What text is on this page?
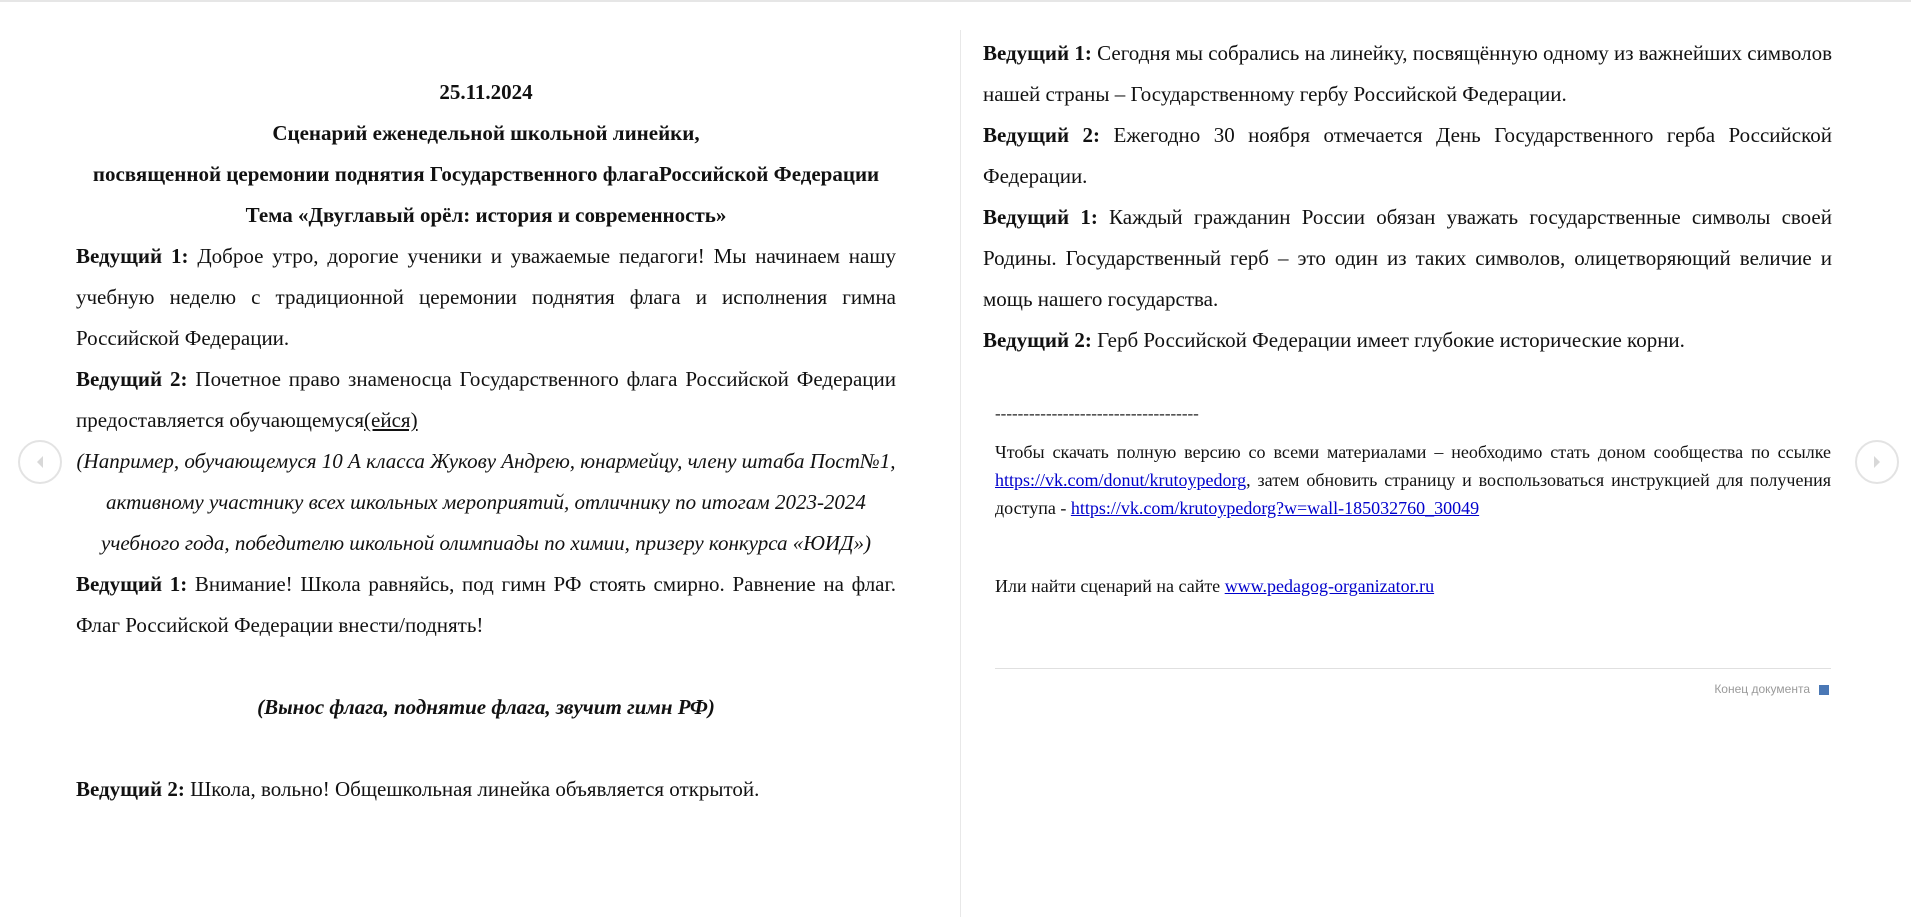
25.11.2024

Сценарий еженедельной школьной линейки,

посвященной церемонии поднятия Государственного флагаРоссийской Федерации

Тема «Двуглавый орёл: история и современность»

Ведущий 1: Доброе утро, дорогие ученики и уважаемые педагоги! Мы начинаем нашу учебную неделю с традиционной церемонии поднятия флага и исполнения гимна Российской Федерации.

Ведущий 2: Почетное право знаменосца Государственного флага Российской Федерации предоставляется обучающемуся(ейся)

(Например, обучающемуся 10 А класса Жукову Андрею, юнармейцу, члену штаба Пост№1, активному участнику всех школьных мероприятий, отличнику по итогам 2023-2024 учебного года, победителю школьной олимпиады по химии, призеру конкурса «ЮИД»)

Ведущий 1: Внимание! Школа равняйсь, под гимн РФ стоять смирно. Равнение на флаг. Флаг Российской Федерации внести/поднять!

(Вынос флага, поднятие флага, звучит гимн РФ)

Ведущий 2: Школа, вольно! Общешкольная линейка объявляется открытой.

Ведущий 1: Сегодня мы собрались на линейку, посвящённую одному из важнейших символов нашей страны – Государственному гербу Российской Федерации.

Ведущий 2: Ежегодно 30 ноября отмечается День Государственного герба Российской Федерации.

Ведущий 1: Каждый гражданин России обязан уважать государственные символы своей Родины. Государственный герб – это один из таких символов, олицетворяющий величие и мощь нашего государства.

Ведущий 2: Герб Российской Федерации имеет глубокие исторические корни.

------------------------------------

Чтобы скачать полную версию со всеми материалами – необходимо стать доном сообщества по ссылке https://vk.com/donut/krutoypedorg, затем обновить страницу и воспользоваться инструкцией для получения доступа - https://vk.com/krutoypedorg?w=wall-185032760_30049

Или найти сценарий на сайте www.pedagog-organizator.ru

Конец документа
